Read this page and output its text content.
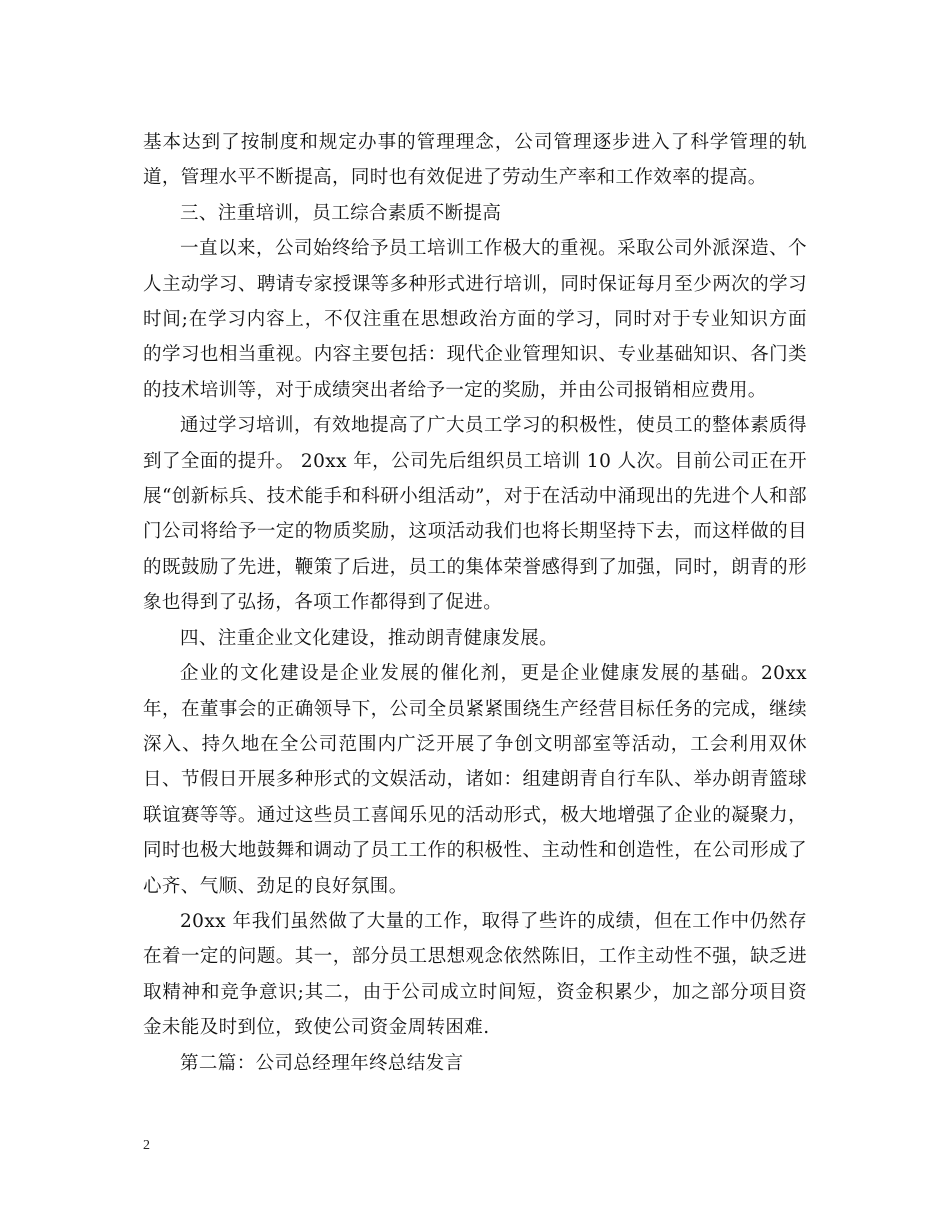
基本达到了按制度和规定办事的管理理念，公司管理逐步进入了科学管理的轨道，管理水平不断提高，同时也有效促进了劳动生产率和工作效率的提高。

三、注重培训，员工综合素质不断提高

一直以来，公司始终给予员工培训工作极大的重视。采取公司外派深造、个人主动学习、聘请专家授课等多种形式进行培训，同时保证每月至少两次的学习时间;在学习内容上，不仅注重在思想政治方面的学习，同时对于专业知识方面的学习也相当重视。内容主要包括：现代企业管理知识、专业基础知识、各门类的技术培训等，对于成绩突出者给予一定的奖励，并由公司报销相应费用。

通过学习培训，有效地提高了广大员工学习的积极性，使员工的整体素质得到了全面的提升。 20xx 年，公司先后组织员工培训 10 人次。目前公司正在开展“创新标兵、技术能手和科研小组活动”，对于在活动中涌现出的先进个人和部门公司将给予一定的物质奖励，这项活动我们也将长期坚持下去，而这样做的目的既鼓励了先进，鞭策了后进，员工的集体荣誉感得到了加强，同时，朗青的形象也得到了弘扬，各项工作都得到了促进。

四、注重企业文化建设，推动朗青健康发展。

企业的文化建设是企业发展的催化剂，更是企业健康发展的基础。20xx 年，在董事会的正确领导下，公司全员紧紧围绕生产经营目标任务的完成，继续深入、持久地在全公司范围内广泛开展了争创文明部室等活动，工会利用双休日、节假日开展多种形式的文娱活动，诸如：组建朗青自行车队、举办朗青篮球联谊赛等等。通过这些员工喜闻乐见的活动形式，极大地增强了企业的凝聚力，同时也极大地鼓舞和调动了员工工作的积极性、主动性和创造性，在公司形成了心齐、气顺、劲足的良好氛围。

20xx 年我们虽然做了大量的工作，取得了些许的成绩，但在工作中仍然存在着一定的问题。其一，部分员工思想观念依然陈旧，工作主动性不强，缺乏进取精神和竞争意识;其二，由于公司成立时间短，资金积累少，加之部分项目资金未能及时到位，致使公司资金周转困难.

第二篇：公司总经理年终总结发言

2
